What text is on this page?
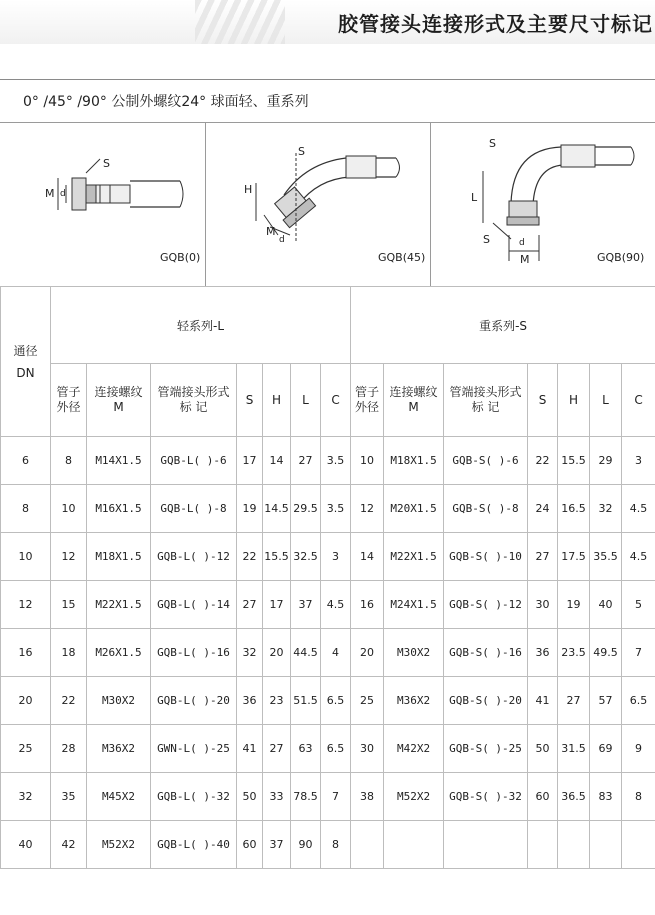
胶管接头连接形式及主要尺寸标记
0° /45° /90° 公制外螺纹24° 球面轻、重系列
S
M d
GQB(0)
S
H
M
d
GQB(45)
S
L
S	d
M	GQB(90)
通径
DN	轻系列-L							重系列-S						
	管子外径	连接螺纹
M	管端接头形式
标 记	S	H	L	C	管子外径	连接螺纹
M	管端接头形式
标 记	S	H	L	C
6	8	M14X1.5	GQB-L( )-6	17	14	27	3.5	10	M18X1.5	GQB-S( )-6	22	15.5	29	3
8	10	M16X1.5	GQB-L( )-8	19	14.5	29.5	3.5	12	M20X1.5	GQB-S( )-8	24	16.5	32	4.5
10	12	M18X1.5	GQB-L( )-12	22	15.5	32.5	3	14	M22X1.5	GQB-S( )-10	27	17.5	35.5	4.5
12	15	M22X1.5	GQB-L( )-14	27	17	37	4.5	16	M24X1.5	GQB-S( )-12	30	19	40	5
16	18	M26X1.5	GQB-L( )-16	32	20	44.5	4	20	M30X2	GQB-S( )-16	36	23.5	49.5	7
20	22	M30X2	GQB-L( )-20	36	23	51.5	6.5	25	M36X2	GQB-S( )-20	41	27	57	6.5
25	28	M36X2	GWN-L( )-25	41	27	63	6.5	30	M42X2	GQB-S( )-25	50	31.5	69	9
32	35	M45X2	GQB-L( )-32	50	33	78.5	7	38	M52X2	GQB-S( )-32	60	36.5	83	8
40	42	M52X2	GQB-L( )-40	60	37	90	8							
